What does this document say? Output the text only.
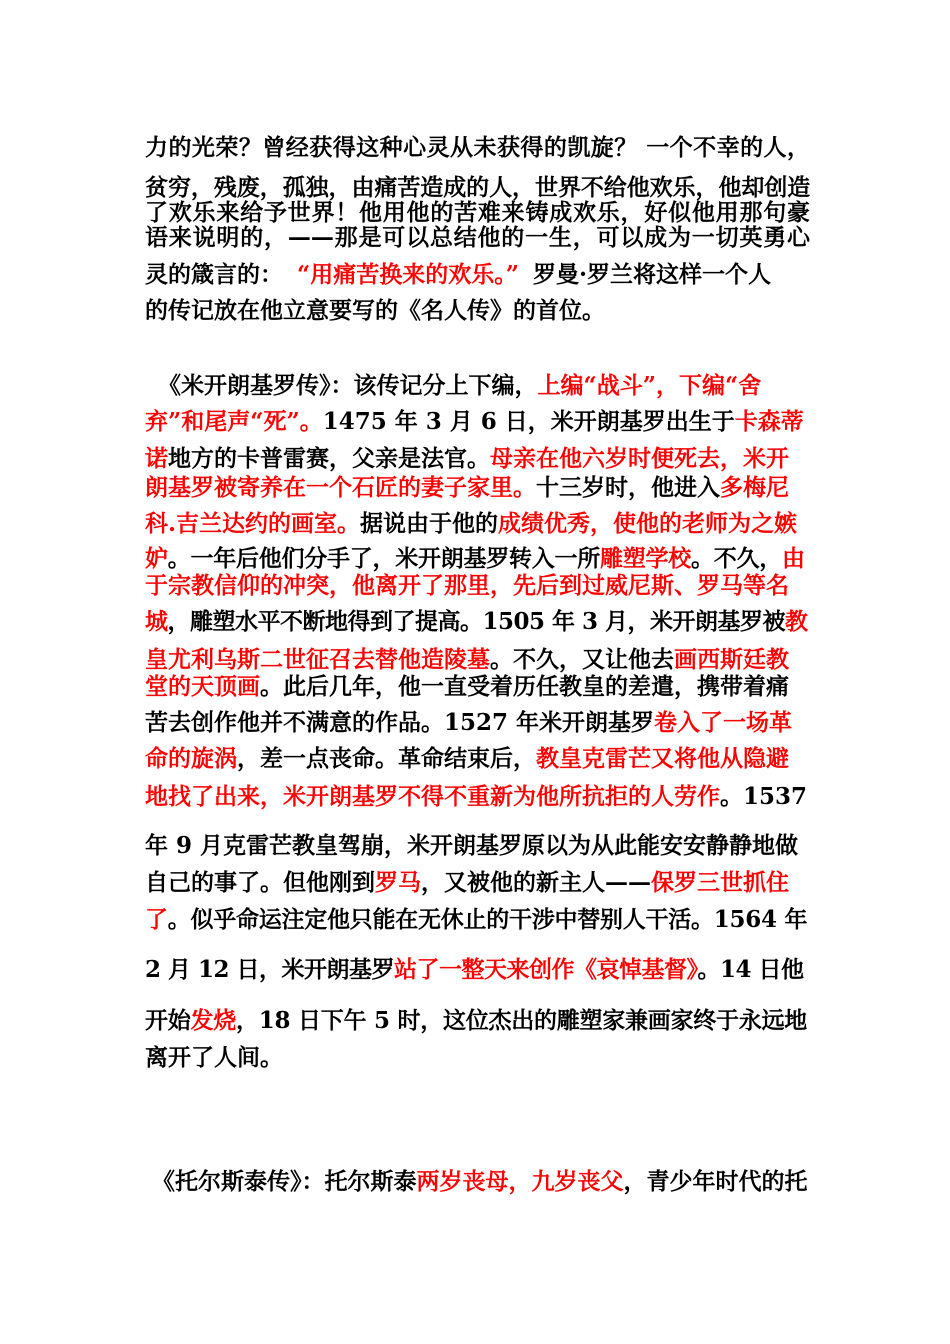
力的光荣？曾经获得这种心灵从未获得的凯旋？ 一个不幸的人，
贫穷，残废，孤独，由痛苦造成的人，世界不给他欢乐，他却创造
了欢乐来给予世界！他用他的苦难来铸成欢乐，好似他用那句豪
语来说明的，——那是可以总结他的一生，可以成为一切英勇心
灵的箴言的： “用痛苦换来的欢乐。” 罗曼·罗兰将这样一个人
的传记放在他立意要写的《名人传》的首位。
《米开朗基罗传》：该传记分上下编，上编“战斗”，下编“舍
弃”和尾声“死”。1475 年 3 月 6 日，米开朗基罗出生于卡森蒂
诺地方的卡普雷赛，父亲是法官。母亲在他六岁时便死去，米开
朗基罗被寄养在一个石匠的妻子家里。十三岁时，他进入多梅尼
科.吉兰达约的画室。据说由于他的成绩优秀，使他的老师为之嫉
妒。一年后他们分手了，米开朗基罗转入一所雕塑学校。不久，由
于宗教信仰的冲突，他离开了那里，先后到过威尼斯、罗马等名
城，雕塑水平不断地得到了提高。1505 年 3 月，米开朗基罗被教
皇尤利乌斯二世征召去替他造陵墓。不久，又让他去画西斯廷教
堂的天顶画。此后几年，他一直受着历任教皇的差遣，携带着痛
苦去创作他并不满意的作品。1527 年米开朗基罗卷入了一场革
命的旋涡，差一点丧命。革命结束后，教皇克雷芒又将他从隐避
地找了出来，米开朗基罗不得不重新为他所抗拒的人劳作。1537
年 9 月克雷芒教皇驾崩，米开朗基罗原以为从此能安安静静地做
自己的事了。但他刚到罗马，又被他的新主人——保罗三世抓住
了。似乎命运注定他只能在无休止的干涉中替别人干活。1564 年
2 月 12 日，米开朗基罗站了一整天来创作《哀悼基督》。14 日他
开始发烧，18 日下午 5 时，这位杰出的雕塑家兼画家终于永远地
离开了人间。
《托尔斯泰传》：托尔斯泰两岁丧母，九岁丧父，青少年时代的托
